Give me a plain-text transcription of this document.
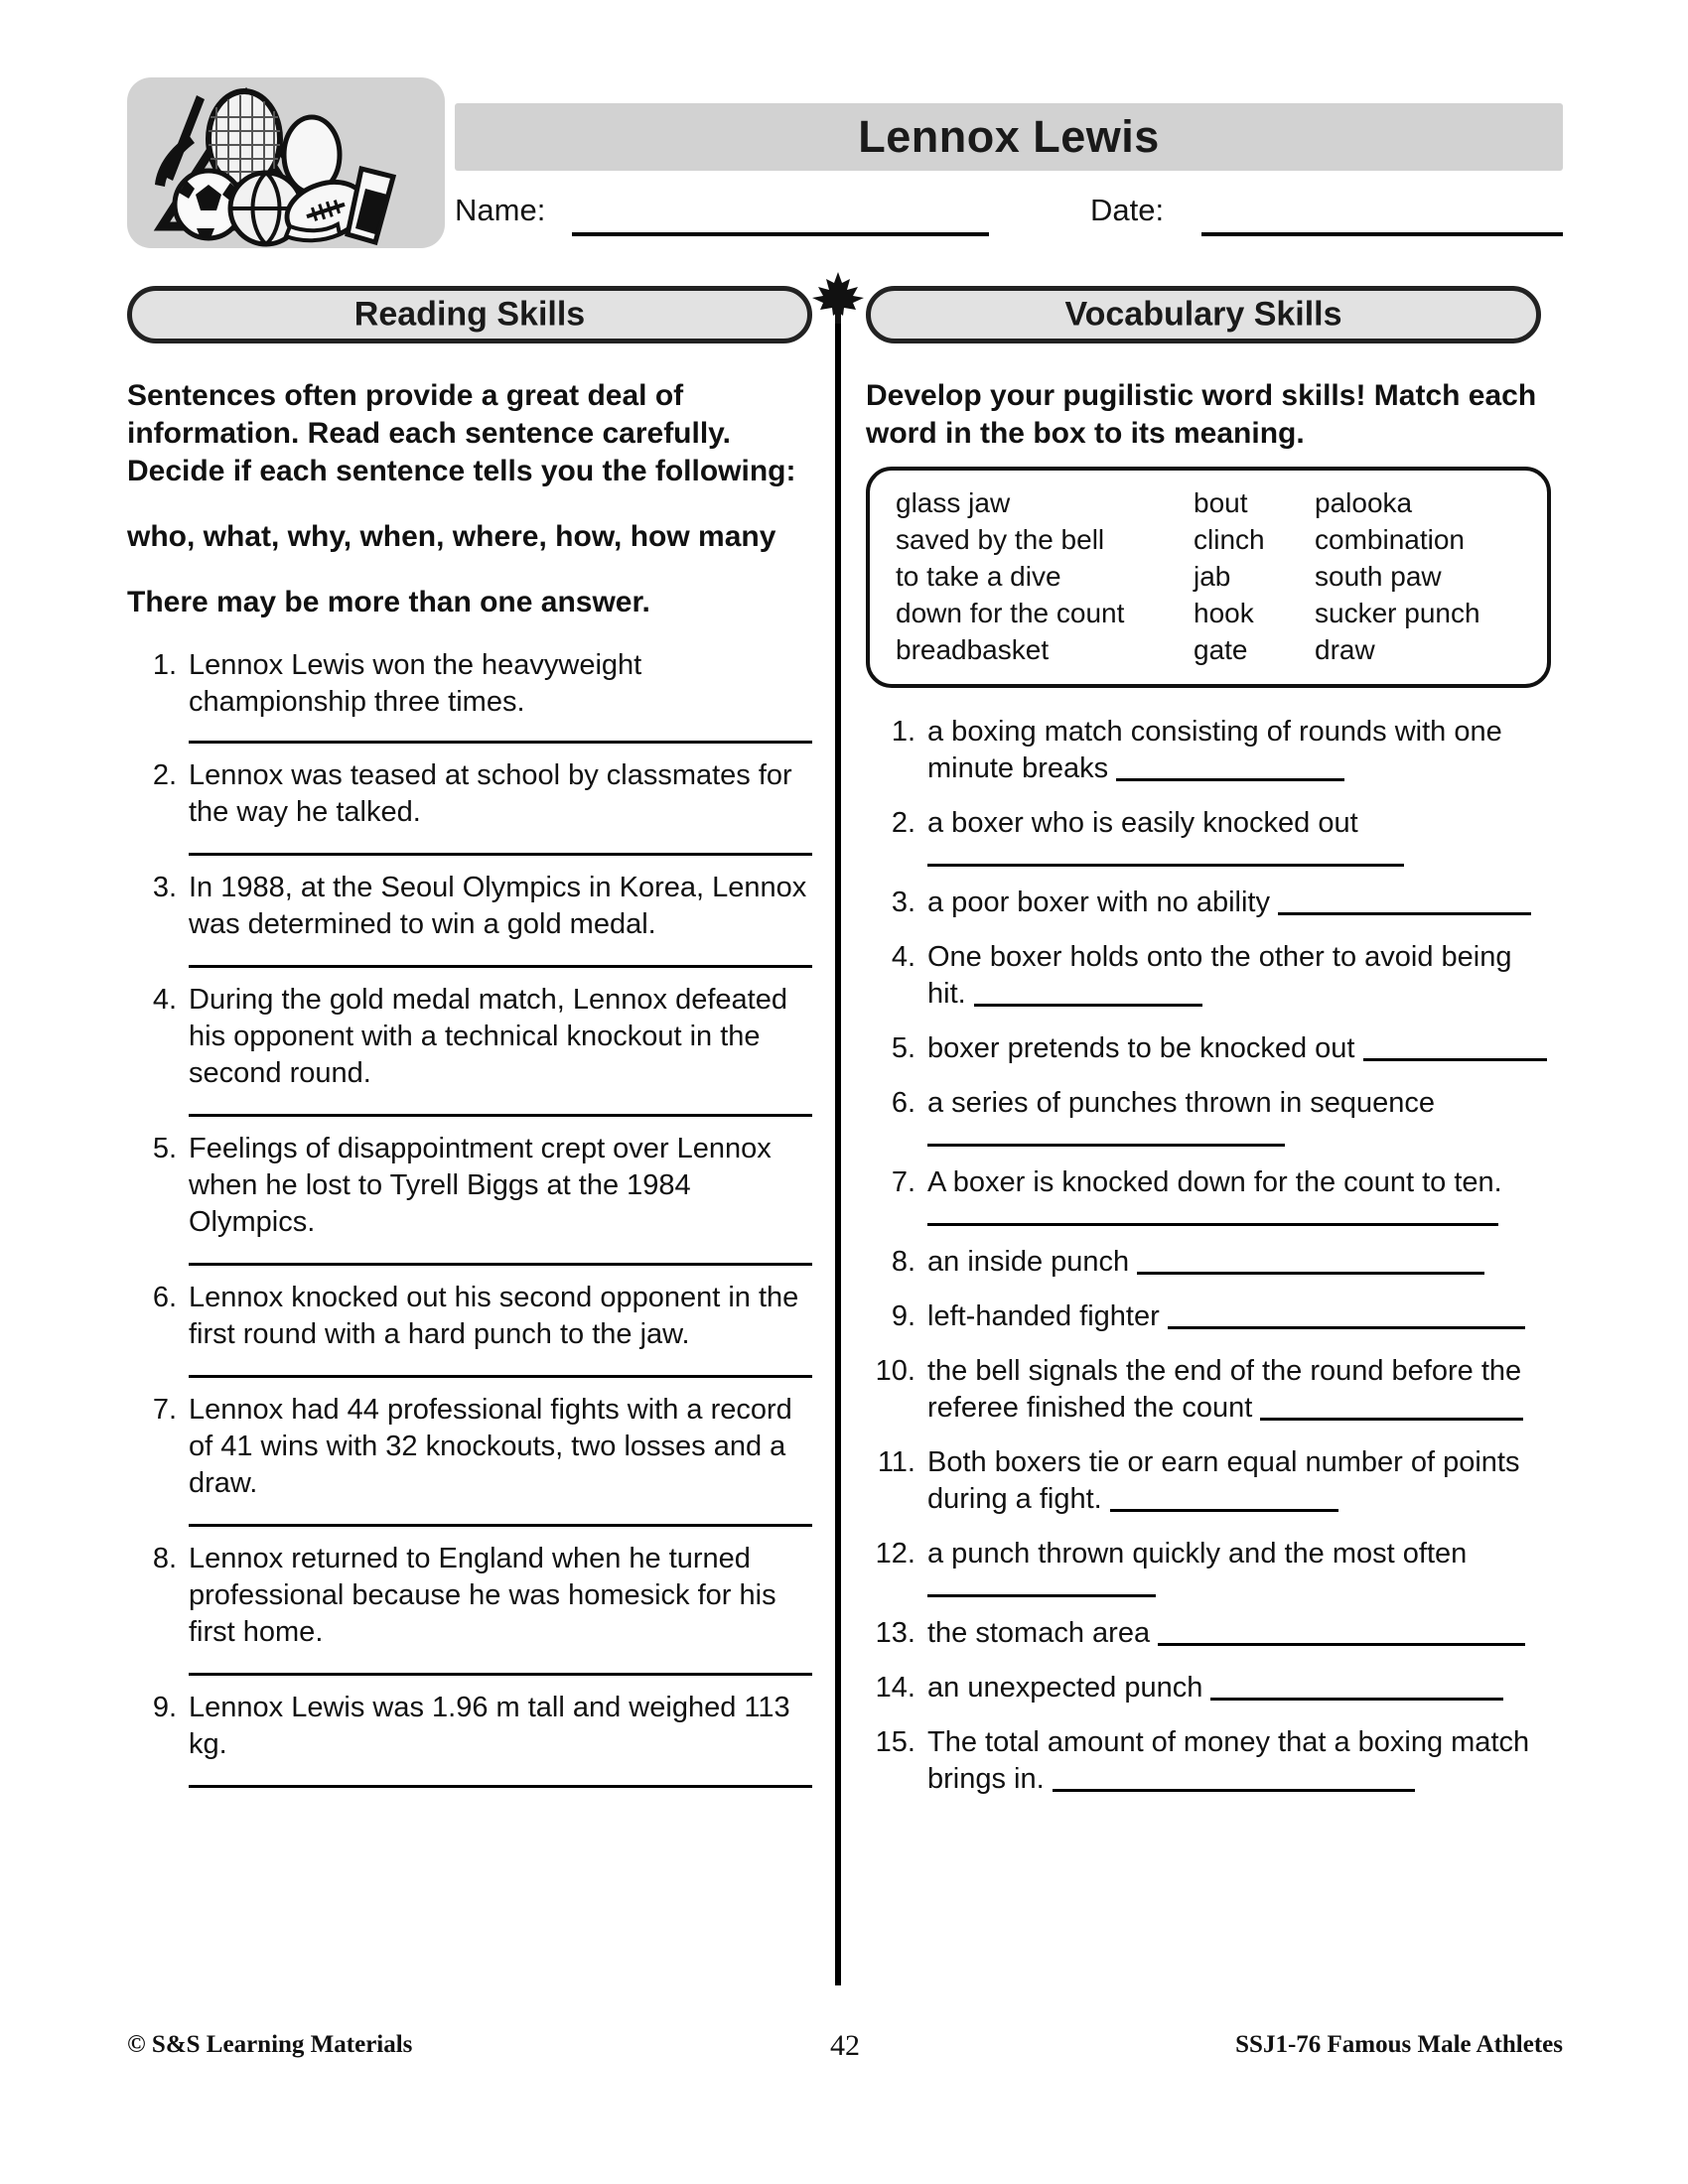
Lennox Lewis
Name:	Date:
Reading Skills	Vocabulary Skills
Sentences often provide a great deal of information. Read each sentence carefully. Decide if each sentence tells you the following:
who, what, why, when, where, how, how many
There may be more than one answer.
1. Lennox Lewis won the heavyweight championship three times.
2. Lennox was teased at school by classmates for the way he talked.
3. In 1988, at the Seoul Olympics in Korea, Lennox was determined to win a gold medal.
4. During the gold medal match, Lennox defeated his opponent with a technical knockout in the second round.
5. Feelings of disappointment crept over Lennox when he lost to Tyrell Biggs at the 1984 Olympics.
6. Lennox knocked out his second opponent in the first round with a hard punch to the jaw.
7. Lennox had 44 professional fights with a record of 41 wins with 32 knockouts, two losses and a draw.
8. Lennox returned to England when he turned professional because he was homesick for his first home.
9. Lennox Lewis was 1.96 m tall and weighed 113 kg.
Develop your pugilistic word skills! Match each word in the box to its meaning.
glass jaw	bout	palooka
saved by the bell	clinch	combination
to take a dive	jab	south paw
down for the count	hook	sucker punch
breadbasket	gate	draw
1. a boxing match consisting of rounds with one minute breaks
2. a boxer who is easily knocked out
3. a poor boxer with no ability
4. One boxer holds onto the other to avoid being hit.
5. boxer pretends to be knocked out
6. a series of punches thrown in sequence
7. A boxer is knocked down for the count to ten.
8. an inside punch
9. left-handed fighter
10. the bell signals the end of the round before the referee finished the count
11. Both boxers tie or earn equal number of points during a fight.
12. a punch thrown quickly and the most often
13. the stomach area
14. an unexpected punch
15. The total amount of money that a boxing match brings in.
© S&S Learning Materials	42	SSJ1-76 Famous Male Athletes
